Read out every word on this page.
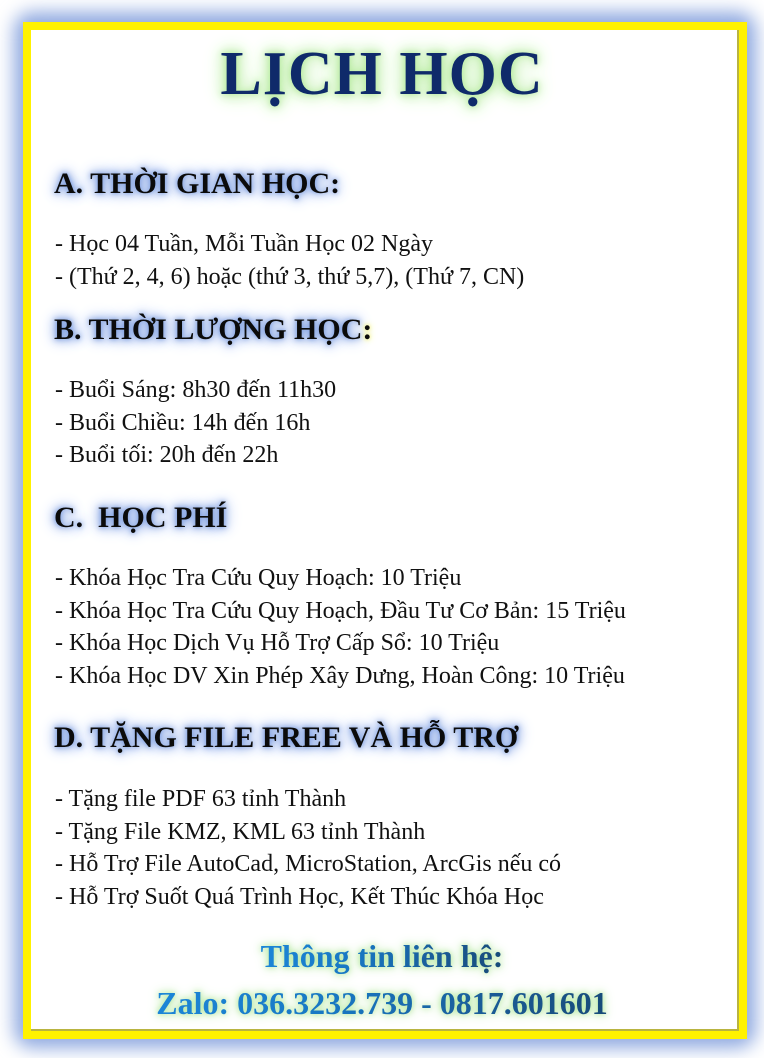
LỊCH HỌC
A. THỜI GIAN HỌC:
- Học 04 Tuần, Mỗi Tuần Học 02 Ngày
- (Thứ 2, 4, 6) hoặc (thứ 3, thứ 5,7), (Thứ 7, CN)
B. THỜI LƯỢNG HỌC:
- Buổi Sáng: 8h30 đến 11h30
- Buổi Chiều: 14h đến 16h
- Buổi tối: 20h đến 22h
C.  HỌC PHÍ
- Khóa Học Tra Cứu Quy Hoạch: 10 Triệu
- Khóa Học Tra Cứu Quy Hoạch, Đầu Tư Cơ Bản: 15 Triệu
- Khóa Học Dịch Vụ Hỗ Trợ Cấp Sổ: 10 Triệu
- Khóa Học DV Xin Phép Xây Dưng, Hoàn Công: 10 Triệu
D. TẶNG FILE FREE VÀ HỖ TRỢ
- Tặng file PDF 63 tỉnh Thành
- Tặng File KMZ, KML 63 tỉnh Thành
- Hỗ Trợ File AutoCad, MicroStation, ArcGis nếu có
- Hỗ Trợ Suốt Quá Trình Học, Kết Thúc Khóa Học
Thông tin liên hệ:
Zalo: 036.3232.739 - 0817.601601
